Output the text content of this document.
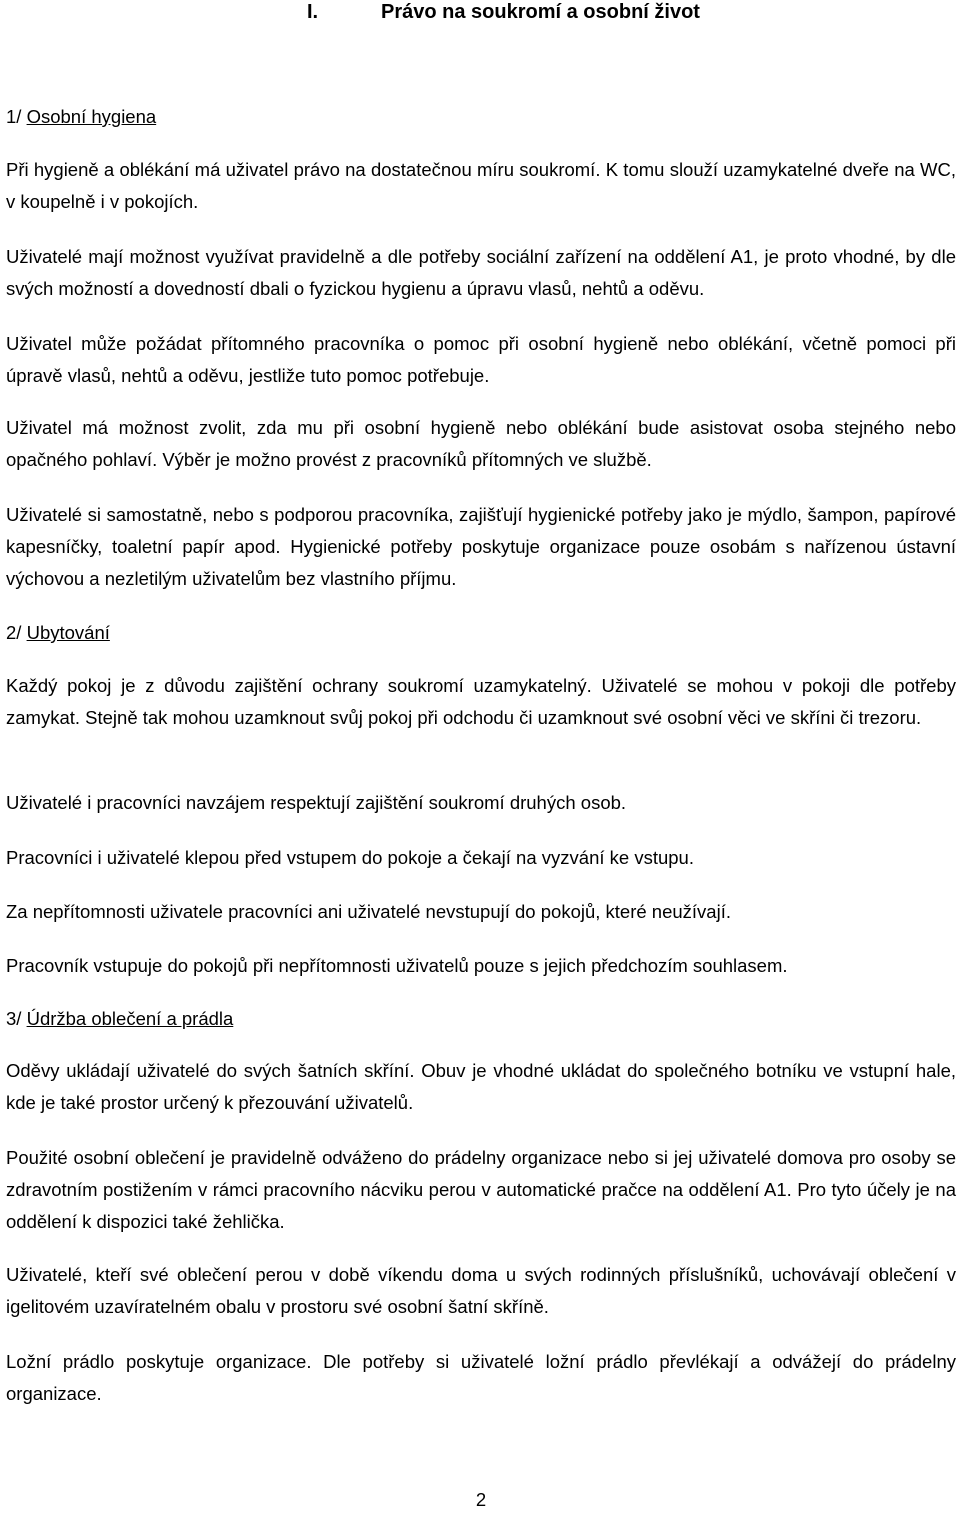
I.	Právo na soukromí a osobní život
1/ Osobní hygiena

Při hygieně a oblékání má uživatel právo na dostatečnou míru soukromí. K tomu slouží uzamykatelné dveře na WC, v koupelně i v pokojích.

Uživatelé mají možnost využívat pravidelně a dle potřeby sociální zařízení na oddělení A1, je proto vhodné, by dle svých možností a dovedností dbali o fyzickou hygienu a úpravu vlasů, nehtů a oděvu.

Uživatel může požádat přítomného pracovníka o pomoc při osobní hygieně nebo oblékání, včetně pomoci při úpravě vlasů, nehtů a oděvu, jestliže tuto pomoc potřebuje.

Uživatel má možnost zvolit, zda mu při osobní hygieně nebo oblékání bude asistovat osoba stejného nebo opačného pohlaví. Výběr je možno provést z pracovníků přítomných ve službě.

Uživatelé si samostatně, nebo s podporou pracovníka, zajišťují hygienické potřeby jako je mýdlo, šampon, papírové kapesníčky, toaletní papír apod. Hygienické potřeby poskytuje organizace pouze osobám s nařízenou ústavní výchovou a nezletilým uživatelům bez vlastního příjmu.

2/ Ubytování

Každý pokoj je z důvodu zajištění ochrany soukromí uzamykatelný. Uživatelé se mohou v pokoji dle potřeby zamykat. Stejně tak mohou uzamknout svůj pokoj při odchodu či uzamknout své osobní věci ve skříni či trezoru.

Uživatelé i pracovníci navzájem respektují zajištění soukromí druhých osob.

Pracovníci i uživatelé klepou před vstupem do pokoje a čekají na vyzvání ke vstupu.

Za nepřítomnosti uživatele pracovníci ani uživatelé nevstupují do pokojů, které neužívají.

Pracovník vstupuje do pokojů při nepřítomnosti uživatelů pouze s jejich předchozím souhlasem.

3/ Údržba oblečení a prádla

Oděvy ukládají uživatelé do svých šatních skříní. Obuv je vhodné ukládat do společného botníku ve vstupní hale, kde je také prostor určený k přezouvání uživatelů.

Použité osobní oblečení je pravidelně odváženo do prádelny organizace nebo si jej uživatelé domova pro osoby se zdravotním postižením v rámci pracovního nácviku perou v automatické pračce na oddělení A1. Pro tyto účely je na oddělení k dispozici také žehlička.

Uživatelé, kteří své oblečení perou v době víkendu doma u svých rodinných příslušníků, uchovávají oblečení v igelitovém uzavíratelném obalu v prostoru své osobní šatní skříně.

Ložní prádlo poskytuje organizace. Dle potřeby si uživatelé ložní prádlo převlékají a odvážejí do prádelny organizace.

2
